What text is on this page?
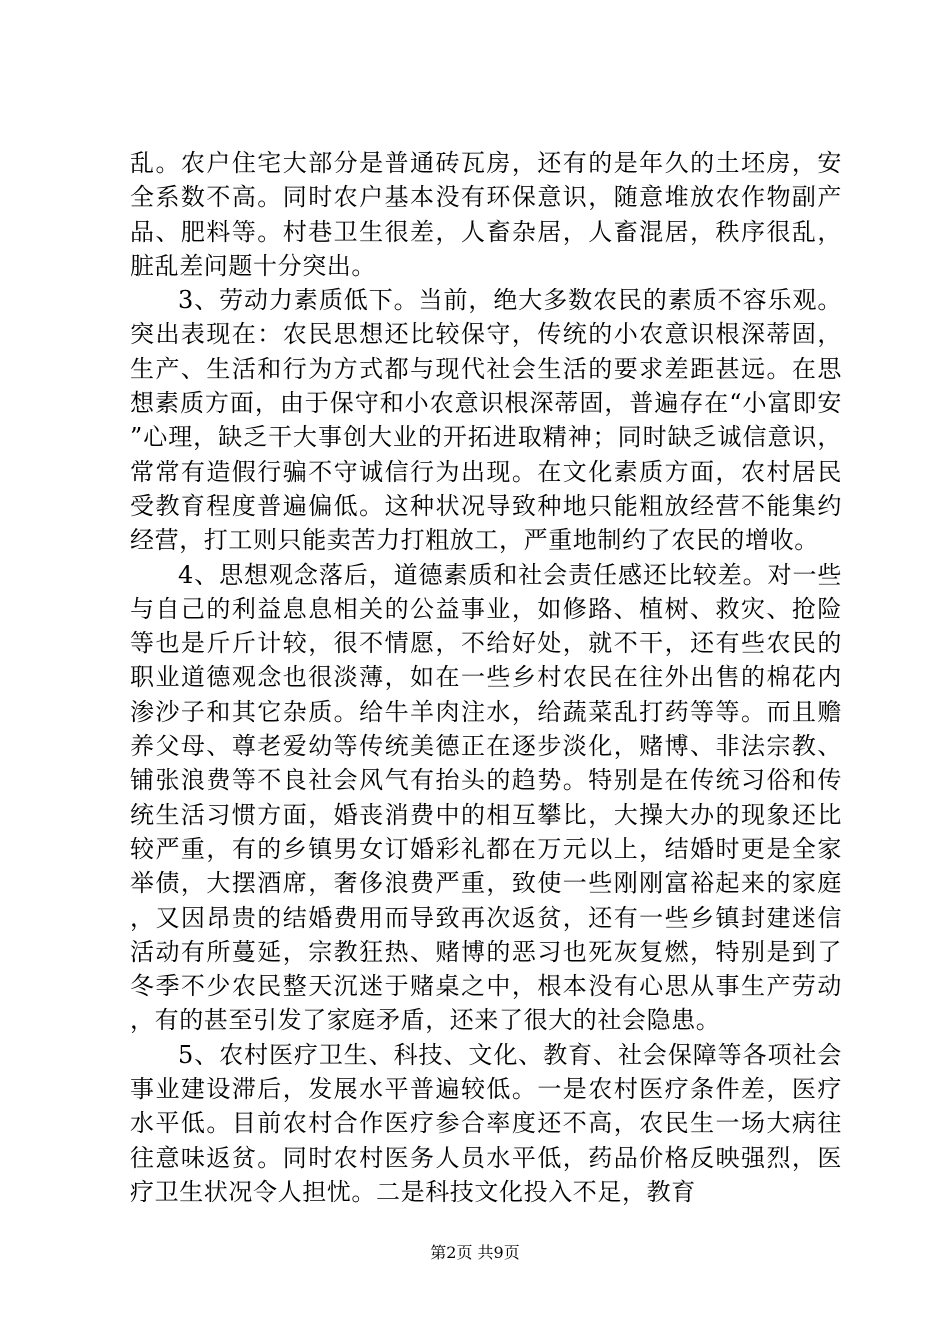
乱。农户住宅大部分是普通砖瓦房，还有的是年久的土坯房，安全系数不高。同时农户基本没有环保意识，随意堆放农作物副产品、肥料等。村巷卫生很差，人畜杂居，人畜混居，秩序很乱，脏乱差问题十分突出。

3、劳动力素质低下。当前，绝大多数农民的素质不容乐观。突出表现在：农民思想还比较保守，传统的小农意识根深蒂固，生产、生活和行为方式都与现代社会生活的要求差距甚远。在思想素质方面，由于保守和小农意识根深蒂固，普遍存在“小富即安”心理，缺乏干大事创大业的开拓进取精神；同时缺乏诚信意识，常常有造假行骗不守诚信行为出现。在文化素质方面，农村居民受教育程度普遍偏低。这种状况导致种地只能粗放经营不能集约经营，打工则只能卖苦力打粗放工，严重地制约了农民的增收。

4、思想观念落后，道德素质和社会责任感还比较差。对一些与自己的利益息息相关的公益事业，如修路、植树、救灾、抢险等也是斤斤计较，很不情愿，不给好处，就不干，还有些农民的职业道德观念也很淡薄，如在一些乡村农民在往外出售的棉花内渗沙子和其它杂质。给牛羊肉注水，给蔬菜乱打药等等。而且赡养父母、尊老爱幼等传统美德正在逐步淡化，赌博、非法宗教、铺张浪费等不良社会风气有抬头的趋势。特别是在传统习俗和传统生活习惯方面，婚丧消费中的相互攀比，大操大办的现象还比较严重，有的乡镇男女订婚彩礼都在万元以上，结婚时更是全家举债，大摆酒席，奢侈浪费严重，致使一些刚刚富裕起来的家庭，又因昂贵的结婚费用而导致再次返贫，还有一些乡镇封建迷信活动有所蔓延，宗教狂热、赌博的恶习也死灰复燃，特别是到了冬季不少农民整天沉迷于赌桌之中，根本没有心思从事生产劳动，有的甚至引发了家庭矛盾，还来了很大的社会隐患。

5、农村医疗卫生、科技、文化、教育、社会保障等各项社会事业建设滞后，发展水平普遍较低。一是农村医疗条件差，医疗水平低。目前农村合作医疗参合率度还不高，农民生一场大病往往意味返贫。同时农村医务人员水平低，药品价格反映强烈，医疗卫生状况令人担忧。二是科技文化投入不足，教育

第2页 共9页
